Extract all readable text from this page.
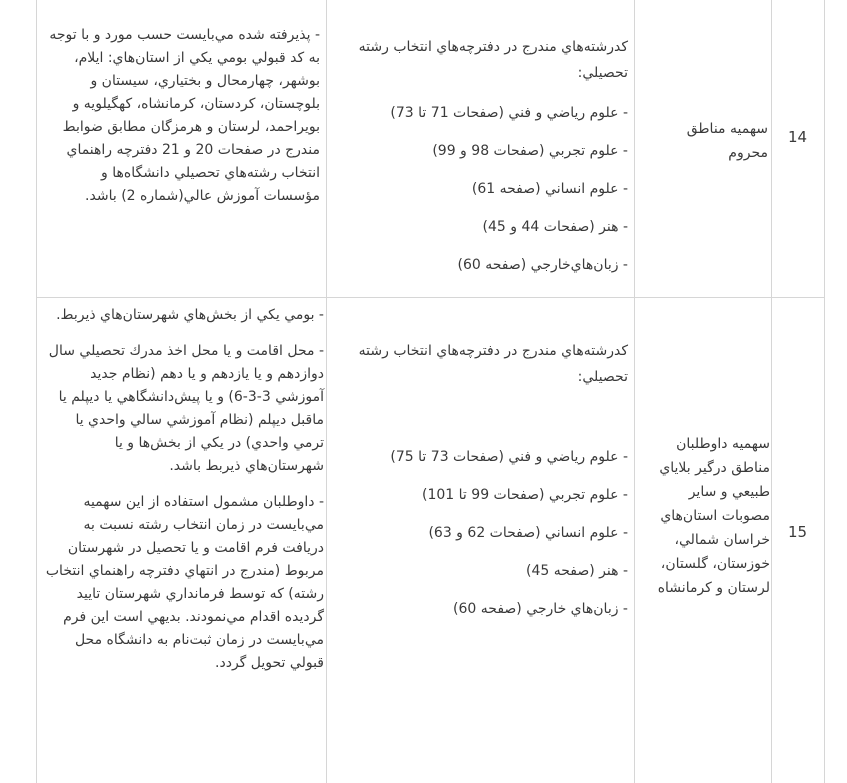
14
سهميه مناطق محروم

كدرشته‌هاي مندرج در دفترچه‌هاي انتخاب رشته تحصيلي:

- علوم رياضي و فني (صفحات 71 تا 73)
- علوم تجربي (صفحات 98 و 99)
- علوم انساني (صفحه 61)
- هنر (صفحات 44 و 45)
- زبان‌هاي‌خارجي (صفحه 60)

- پذيرفته شده مي‌بايست حسب مورد و با توجه به كد قبولي بومي يكي از استان‌هاي: ايلام، بوشهر، چهارمحال و بختياري، سيستان و بلوچستان، كردستان، كرمانشاه، كهگيلويه و بويراحمد، لرستان و هرمزگان مطابق ضوابط مندرج در صفحات 20 و 21 دفترچه راهنماي انتخاب رشته‌هاي تحصيلي دانشگاه‌ها و مؤسسات آموزش عالي(شماره 2) باشد.

15
سهميه داوطلبان مناطق درگير بلاياي طبيعي و ساير مصوبات استان‌هاي خراسان شمالي، خوزستان، گلستان، لرستان و كرمانشاه

كدرشته‌هاي مندرج در دفترچه‌هاي انتخاب رشته تحصيلي:

- علوم رياضي و فني (صفحات 73 تا 75)
- علوم تجربي (صفحات 99 تا 101)
- علوم انساني (صفحات 62 و 63)
- هنر (صفحه 45)
- زبان‌هاي خارجي (صفحه 60)

- بومي يكي از بخش‌هاي شهرستان‌هاي ذيربط.

- محل اقامت و يا محل اخذ مدرك تحصيلي سال دوازدهم و يا يازدهم و يا دهم (نظام جديد آموزشي 3-3-6) و يا پيش‌دانشگاهي يا ديپلم يا ماقبل ديپلم (نظام آموزشي سالي واحدي يا ترمي واحدي) در يكي از بخش‌ها و يا شهرستان‌هاي ذيربط باشد.

- داوطلبان مشمول استفاده از اين سهميه مي‌بايست در زمان انتخاب رشته نسبت به دريافت فرم اقامت و يا تحصيل در شهرستان مربوط (مندرج در انتهاي دفترچه راهنماي انتخاب رشته) كه توسط فرمانداري شهرستان تاييد گرديده اقدام مي‌نمودند. بديهي است اين فرم مي‌بايست در زمان ثبت‌نام به دانشگاه محل قبولي تحويل گردد.
